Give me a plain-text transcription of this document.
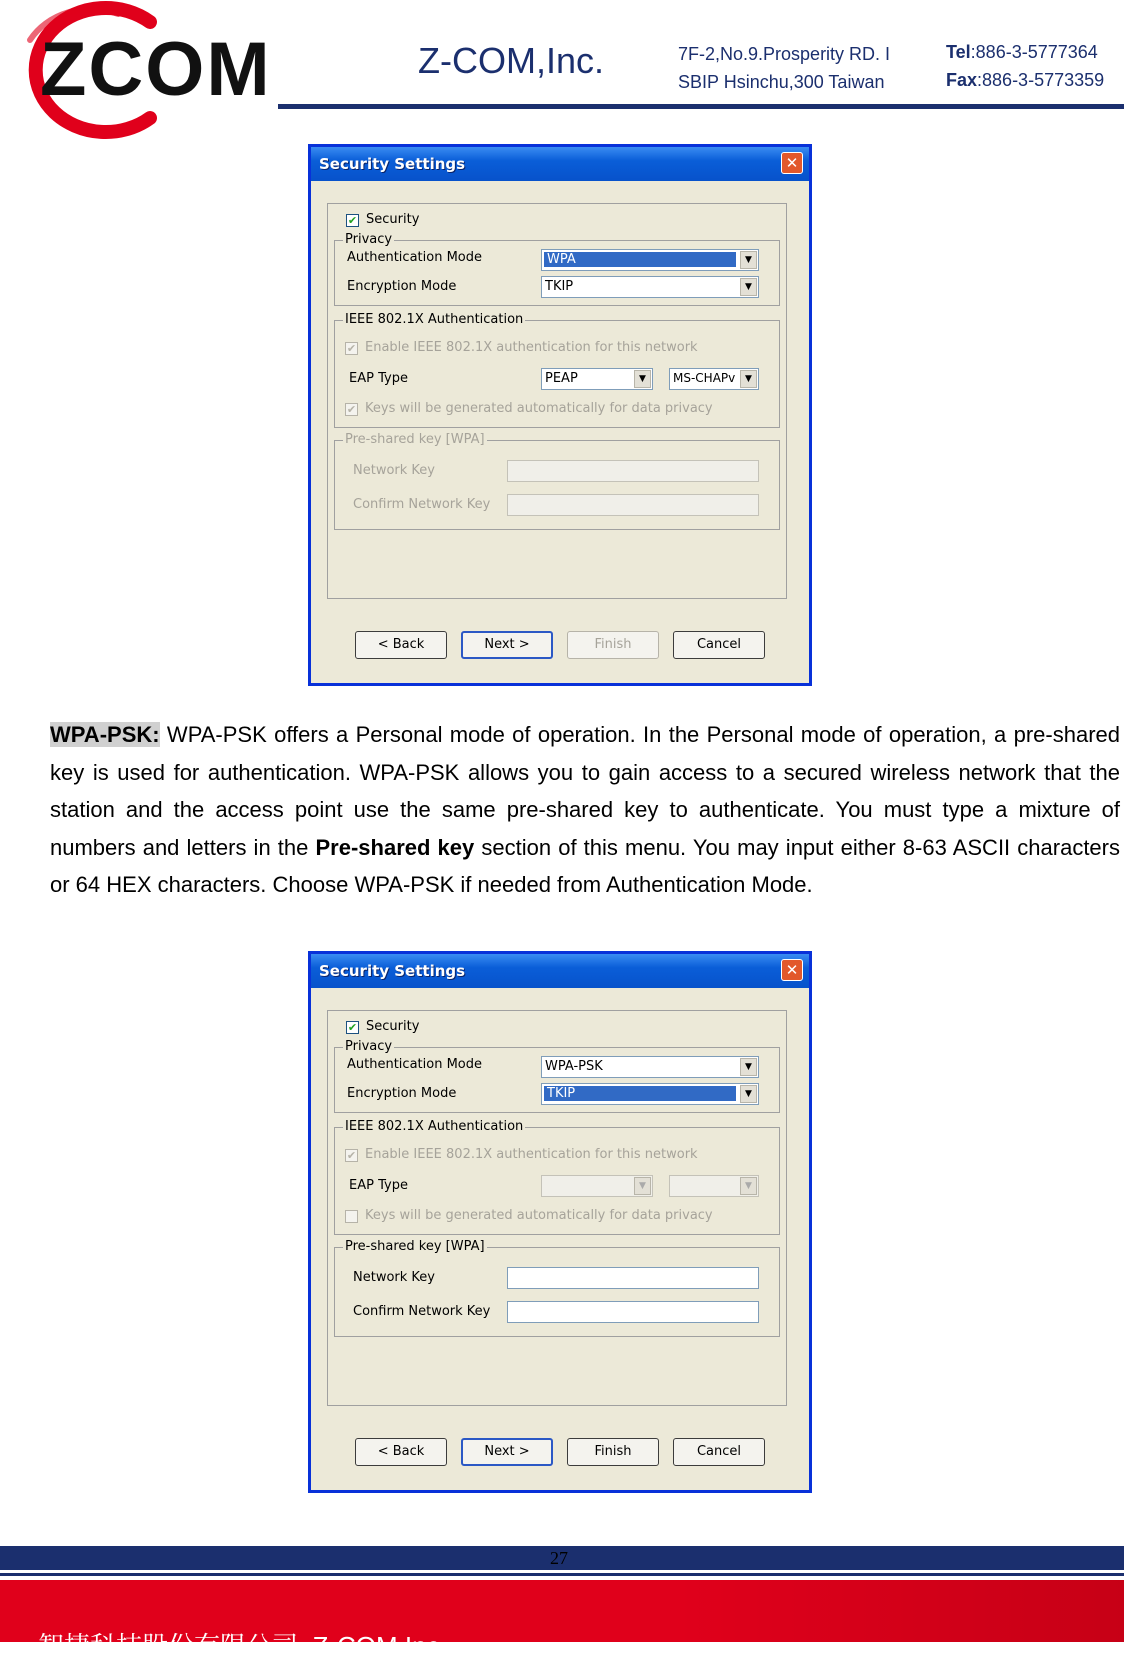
ZCOM	Z-COM,Inc.	7F-2,No.9.Prosperity RD. I
SBIP Hsinchu,300 Taiwan
Tel:886-3-5777364
Fax:886-3-5773359
Security Settings	✕
✔ Security
Privacy
Authentication Mode	WPA	▼
Encryption Mode	TKIP	▼
IEEE 802.1X Authentication
✔ Enable IEEE 802.1X authentication for this network
EAP Type	PEAP	▼	MS-CHAPv	▼
✔ Keys will be generated automatically for data privacy
Pre-shared key [WPA]
Network Key
Confirm Network Key
< Back	Next >	Finish	Cancel
WPA-PSK: WPA-PSK offers a Personal mode of operation. In the Personal mode of operation, a pre-shared key is used for authentication. WPA-PSK allows you to gain access to a secured wireless network that the station and the access point use the same pre-shared key to authenticate. You must type a mixture of numbers and letters in the Pre-shared key section of this menu. You may input either 8-63 ASCII characters or 64 HEX characters. Choose WPA-PSK if needed from Authentication Mode.
Security Settings	✕
✔ Security
Privacy
Authentication Mode	WPA-PSK	▼
Encryption Mode	TKIP	▼
IEEE 802.1X Authentication
✔ Enable IEEE 802.1X authentication for this network
EAP Type	▼	▼
Keys will be generated automatically for data privacy
Pre-shared key [WPA]
Network Key
Confirm Network Key
< Back	Next >	Finish	Cancel
27
智捷科技股份有限公司 Z-COM,Inc.
